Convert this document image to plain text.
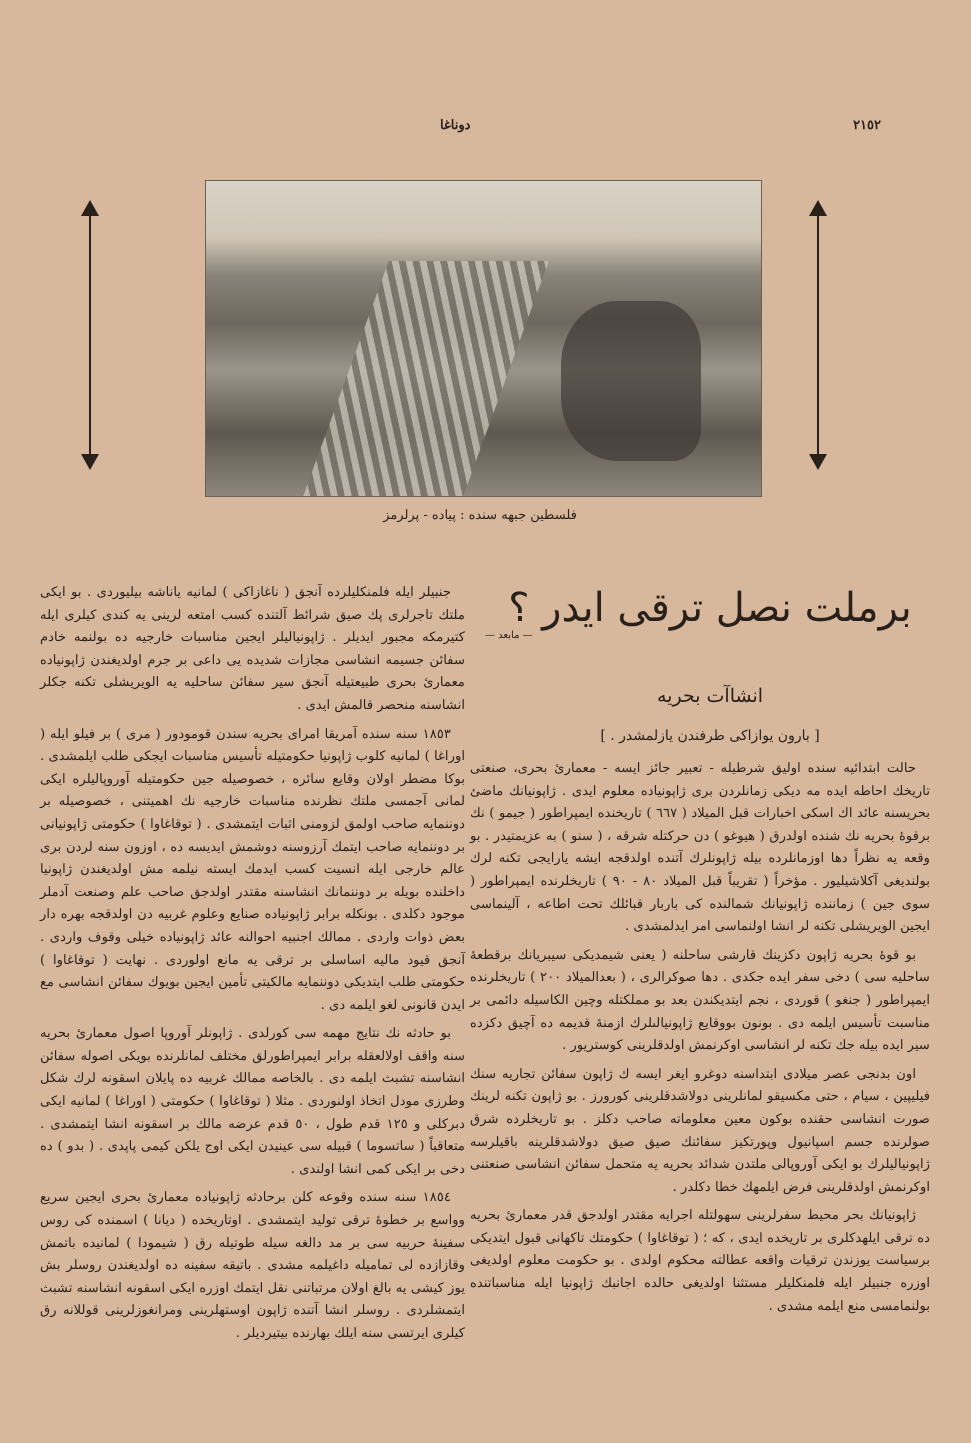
٢١٥٢
دوناغا
فلسطين جبهه سنده : پياده - پرلرمز
برملت نصل ترقى ايدر ؟
— مابعد —
انشاآت بحريه
[ بارون يوازاكى طرفندن يازلمشدر . ]

حالت ابتدائيه سنده اوليق شرطيله - تعبير جائز ايسه - معمارئ بحرى، صنعتى تاريخك احاطه ايده مه ديكى زمانلردن برى ژاپونياده معلوم ايدى . ژاپونيانك ماضئ بحريسنه عائد اك اسكى اخبارات قبل الميلاد ( ٦٦٧ ) تاريخنده ايمپراطور ( جيمو ) نك برقوۀ بحريه نك شنده اولدرق ( هيوغو ) دن حركتله شرقه ، ( سنو ) به عزيمتيدر . بو وقعه يه نظراً دها اوزمانلرده بيله ژاپونلرك آتنده اولدقجه ايشه يارايجى تكنه لرك بولنديغى آكلاشيليور . مؤخراً ( تقريباً قبل الميلاد ٨٠ - ٩٠ ) تاريخلرنده ايمپراطور ( سوى جين ) زماننده ژاپونيانك شمالنده كى باربار قبائلك تحت اطاعه ، آلينماسى ايجين الويريشلى تكنه لر انشا اولنماسى امر ايدلمشدى .

بو قوۀ بحريه ژاپون دكزينك قارشى ساحلنه ( يعنى شيمديكى سيبريانك برقطعۀ ساحليه سى ) دخى سفر ايده جكدى . دها صوكرالرى ، ( بعدالميلاد ٢٠٠ ) تاريخلرنده ايمپراطور ( جنغو ) قوردى ، نجم ايتديكندن بعد بو مملكتله وچين الكاسيله دائمى بر مناسبت تأسيس ايلمه دى . بونون بووقايع ژاپونيالىلرك ازمنۀ قديمه ده آچيق دكزده سير ايده بيله جك تكنه لر انشاسى اوكرنمش اولدقلرينى كوستريور .

اون بدنجى عصر ميلادى ابتداسنه دوغرو ايغر ايسه ك ژاپون سفائن تجاريه سنك فيليپين ، سيام ، حتى مكسيقو لمانلرينى دولاشدقلرينى كورورز . بو ژاپون تكنه لرينك صورت انشاسى حقنده بوكون معين معلوماته صاحب دكلز . بو تاريخلرده شرق صولرنده جسم اسپانيول وپورتكيز سفائنك صيق صيق دولاشدقلرينه باقيلرسه ژاپونياليلرك بو ايكى آوروپالى ملتدن شدائد بحريه يه متحمل سفائن انشاسى صنعتنى اوكرنمش اولدقلرينى فرض ايلمهك خطا دكلدر .

ژاپونيانك بحر محيط سفرلرينى سهولتله اجرايه مقتدر اولدجق قدر معمارئ بحريه ده ترقى ايلهدكلرى بر تاريخده ايدى ، كه ؛ ( توقاغاوا ) حكومتك تاكهانى قبول ايتديكى برسياست يوزندن ترقيات واقعه عطالته محكوم اولدى . بو حكومت معلوم اولديغى اوزره جنبيلر ايله فلمنكليلر مستثنا اولديغى حالده اجانبك ژاپونيا ايله مناسباتنده بولنمامسى منع ايلمه مشدى .

جنبيلر ايله فلمنكليلرده آنجق ( ناغازاكى ) لمانيه ياناشه بيليوردى . بو ايكى ملتك تاجرلرى پك صيق شرائط آلتنده كسب امتعه لرينى يه كندى كيلرى ايله كتيرمكه مجبور ايديلر . ژاپونياليلر ايجين مناسبات خارجيه ده بولنمه خادم سفائن جسيمه انشاسى مجازات شديده يى داعى بر جرم اولديغندن ژاپونياده معمارئ بحرى طبيعتيله آنجق سير سفائن ساحليه يه الويريشلى تكنه جكلر انشاسنه منحصر قالمش ايدى .

١٨٥٣ سنه سنده آمريقا امراى بحريه سندن قومودور ( مرى ) بر فيلو ايله ( اوراغا ) لمانيه كلوب ژاپونيا حكومتيله تأسيس مناسبات ايجكى طلب ايلمشدى . بوكا مضطر اولان وقايع سائره ، خصوصيله جين حكومتيله آوروپاليلره ايكى لمانى آجمسى ملتك نظرنده مناسبات خارجيه نك اهميتنى ، خصوصيله بر دوننمايه صاحب اولمق لزومنى اثبات ايتمشدى . ( توقاغاوا ) حكومتى ژاپونيانى بر دوننمايه صاحب ايتمك آرزوسنه دوشمش ايديسه ده ، اوزون سنه لردن برى عالم خارجى ايله انسيت كسب ايدمك ايسته نيلمه مش اولديغندن ژاپونيا داخلنده بويله بر دوننمانك انشاسنه مقتدر اولدجق صاحب علم وصنعت آدملر موجود دكلدى . بونكله برابر ژاپونياده صنايع وعلوم غربيه دن اولدقجه بهره دار بعض ذوات واردى . ممالك اجنبيه احوالنه عائد ژاپونياده خيلى وقوف واردى . آنجق قيود ماليه اساسلى بر ترقى يه مانع اولوردى . نهايت ( توقاغاوا ) حكومتى طلب ايتديكى دوننمايه مالكيتى تأمين ايجين بويوك سفائن انشاسى مع ايدن قانونى لغو ايلمه دى .

بو حادثه نك نتايج مهمه سى كورلدى . ژاپونلر آوروپا اصول معمارئ بحريه سنه واقف اولالعقله برابر ايمپراطورلق مختلف لمانلرنده بويكى اصوله سفائن انشاسنه تشبث ايلمه دى . بالخاصه ممالك غربيه ده پايلان اسقونه لرك شكل وطرزى مودل اتخاذ اولنوردى . مثلا ( توقاغاوا ) حكومتى ( اوراغا ) لمانيه ايكى دبركلى و ١٢٥ قدم طول ، ٥٠ قدم عرضه مالك بر اسقونه انشا ايتمشدى . متعاقباً ( ساتسوما ) قبيله سى عينيدن ايكى اوج يلكن كيمى پاپدى . ( بدو ) ده دخى بر ايكى كمى انشا اولندى .

١٨٥٤ سنه سنده وقوعه كلن برحادثه ژاپونياده معمارئ بحرى ايجين سريع وواسع بر خطوۀ ترقى توليد ايتمشدى . اوتاريخده ( ديانا ) اسمنده كى روس سفينۀ حربيه سى بر مد دالغه سيله طوتيله رق ( شيمودا ) لمانيده باتمش وقازازده لى تماميله داغيلمه مشدى . باتيقه سفينه ده اولديغندن روسلر بش يوز كيشى يه بالغ اولان مرتباتنى نقل ايتمك اوزره ايكى اسقونه انشاسنه تشبث ايتمشلردى . روسلر انشا آتنده ژاپون اوستهلرينى ومرانغوزلرينى قوللانه رق كيلرى ايرتسى سنه ايلك بهارنده بيتيرديلر .
